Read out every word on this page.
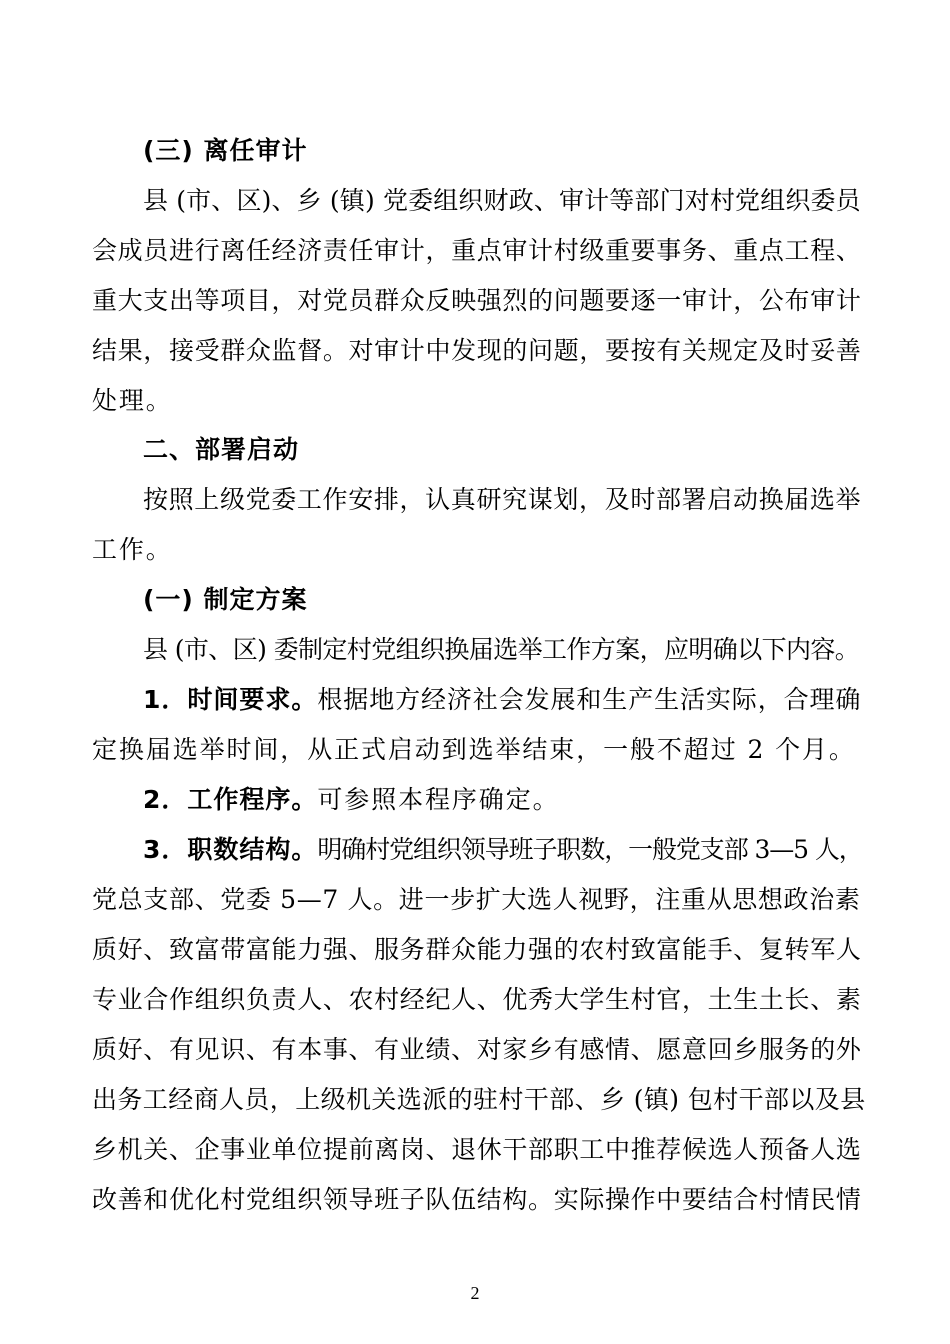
(三) 离任审计
县 (市、区)、乡 (镇) 党委组织财政、审计等部门对村党组织委员
会成员进行离任经济责任审计，重点审计村级重要事务、重点工程、
重大支出等项目，对党员群众反映强烈的问题要逐一审计，公布审计
结果，接受群众监督。对审计中发现的问题，要按有关规定及时妥善
处理。
二、部署启动
按照上级党委工作安排，认真研究谋划，及时部署启动换届选举
工作。
(一) 制定方案
县 (市、区) 委制定村党组织换届选举工作方案，应明确以下内容。
1．时间要求。根据地方经济社会发展和生产生活实际，合理确
定换届选举时间，从正式启动到选举结束，一般不超过 2 个月。
2．工作程序。可参照本程序确定。
3．职数结构。明确村党组织领导班子职数，一般党支部 3—5 人，
党总支部、党委 5—7 人。进一步扩大选人视野，注重从思想政治素
质好、致富带富能力强、服务群众能力强的农村致富能手、复转军人
专业合作组织负责人、农村经纪人、优秀大学生村官，土生土长、素
质好、有见识、有本事、有业绩、对家乡有感情、愿意回乡服务的外
出务工经商人员，上级机关选派的驻村干部、乡 (镇) 包村干部以及县
乡机关、企事业单位提前离岗、退休干部职工中推荐候选人预备人选
改善和优化村党组织领导班子队伍结构。实际操作中要结合村情民情
2
